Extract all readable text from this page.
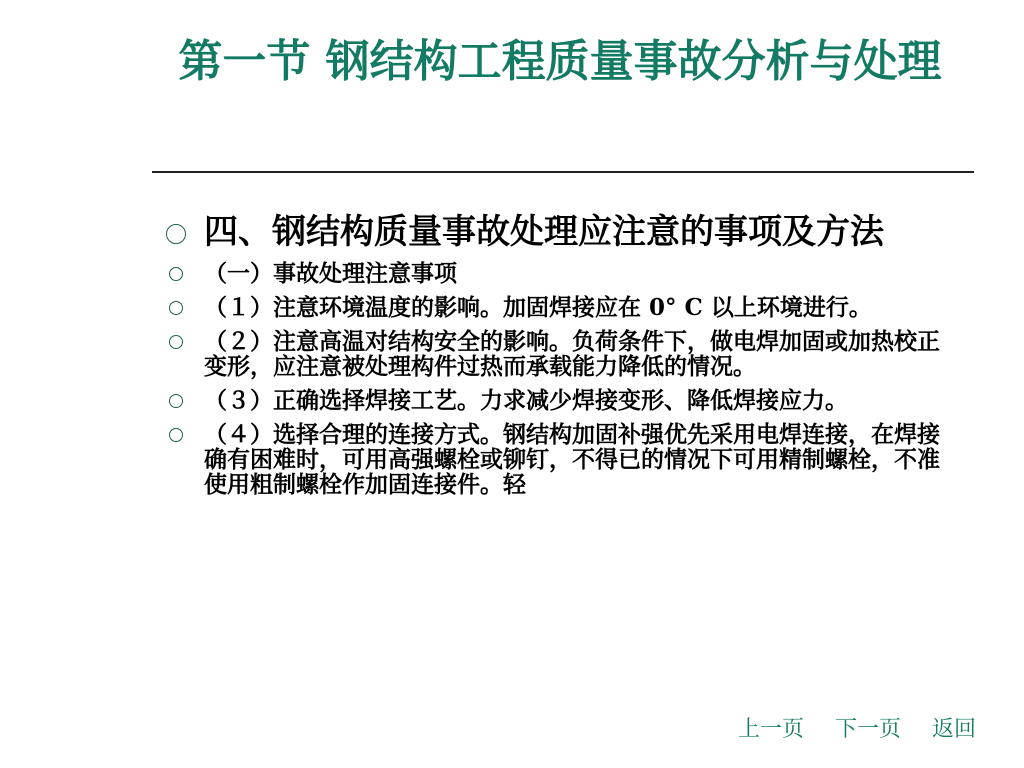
第一节 钢结构工程质量事故分析与处理
四、钢结构质量事故处理应注意的事项及方法
（一）事故处理注意事项
（１）注意环境温度的影响。加固焊接应在 0° C 以上环境进行。
（２）注意高温对结构安全的影响。负荷条件下，做电焊加固或加热校正变形，应注意被处理构件过热而承载能力降低的情况。
（３）正确选择焊接工艺。力求减少焊接变形、降低焊接应力。
（４）选择合理的连接方式。钢结构加固补强优先采用电焊连接，在焊接确有困难时，可用高强螺栓或铆钉，不得已的情况下可用精制螺栓，不准使用粗制螺栓作加固连接件。轻
上一页 下一页 返回
